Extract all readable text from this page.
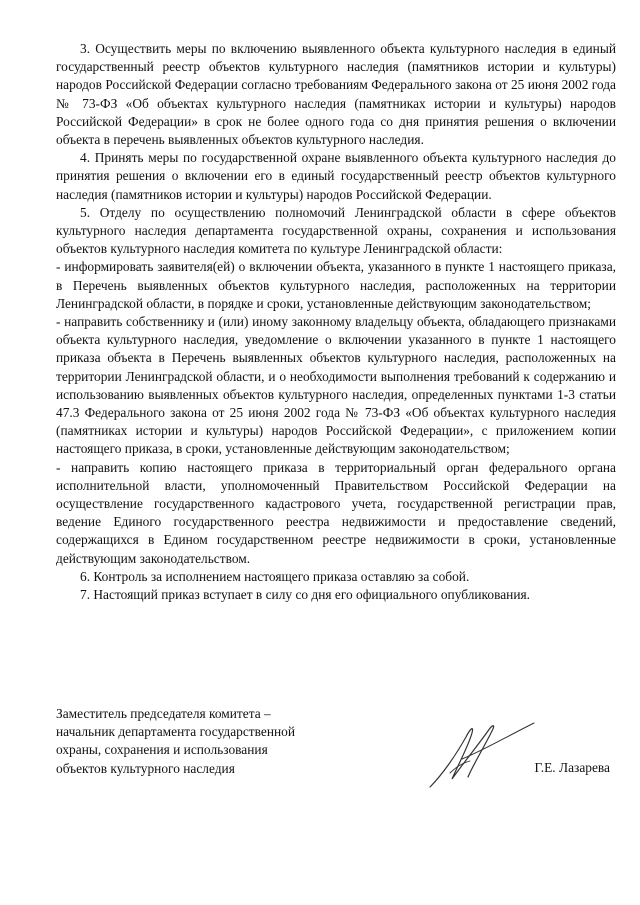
3. Осуществить меры по включению выявленного объекта культурного наследия в единый государственный реестр объектов культурного наследия (памятников истории и культуры) народов Российской Федерации согласно требованиям Федерального закона от 25 июня 2002 года № 73-ФЗ «Об объектах культурного наследия (памятниках истории и культуры) народов Российской Федерации» в срок не более одного года со дня принятия решения о включении объекта в перечень выявленных объектов культурного наследия.

4. Принять меры по государственной охране выявленного объекта культурного наследия до принятия решения о включении его в единый государственный реестр объектов культурного наследия (памятников истории и культуры) народов Российской Федерации.

5. Отделу по осуществлению полномочий Ленинградской области в сфере объектов культурного наследия департамента государственной охраны, сохранения и использования объектов культурного наследия комитета по культуре Ленинградской области:

- информировать заявителя(ей) о включении объекта, указанного в пункте 1 настоящего приказа, в Перечень выявленных объектов культурного наследия, расположенных на территории Ленинградской области, в порядке и сроки, установленные действующим законодательством;

- направить собственнику и (или) иному законному владельцу объекта, обладающего признаками объекта культурного наследия, уведомление о включении указанного в пункте 1 настоящего приказа объекта в Перечень выявленных объектов культурного наследия, расположенных на территории Ленинградской области, и о необходимости выполнения требований к содержанию и использованию выявленных объектов культурного наследия, определенных пунктами 1-3 статьи 47.3 Федерального закона от 25 июня 2002 года № 73-ФЗ «Об объектах культурного наследия (памятниках истории и культуры) народов Российской Федерации», с приложением копии настоящего приказа, в сроки, установленные действующим законодательством;

- направить копию настоящего приказа в территориальный орган федерального органа исполнительной власти, уполномоченный Правительством Российской Федерации на осуществление государственного кадастрового учета, государственной регистрации прав, ведение Единого государственного реестра недвижимости и предоставление сведений, содержащихся в Едином государственном реестре недвижимости в сроки, установленные действующим законодательством.

6. Контроль за исполнением настоящего приказа оставляю за собой.

7. Настоящий приказ вступает в силу со дня его официального опубликования.

Заместитель председателя комитета –
начальник департамента государственной
охраны, сохранения и использования
объектов культурного наследия	Г.Е. Лазарева
